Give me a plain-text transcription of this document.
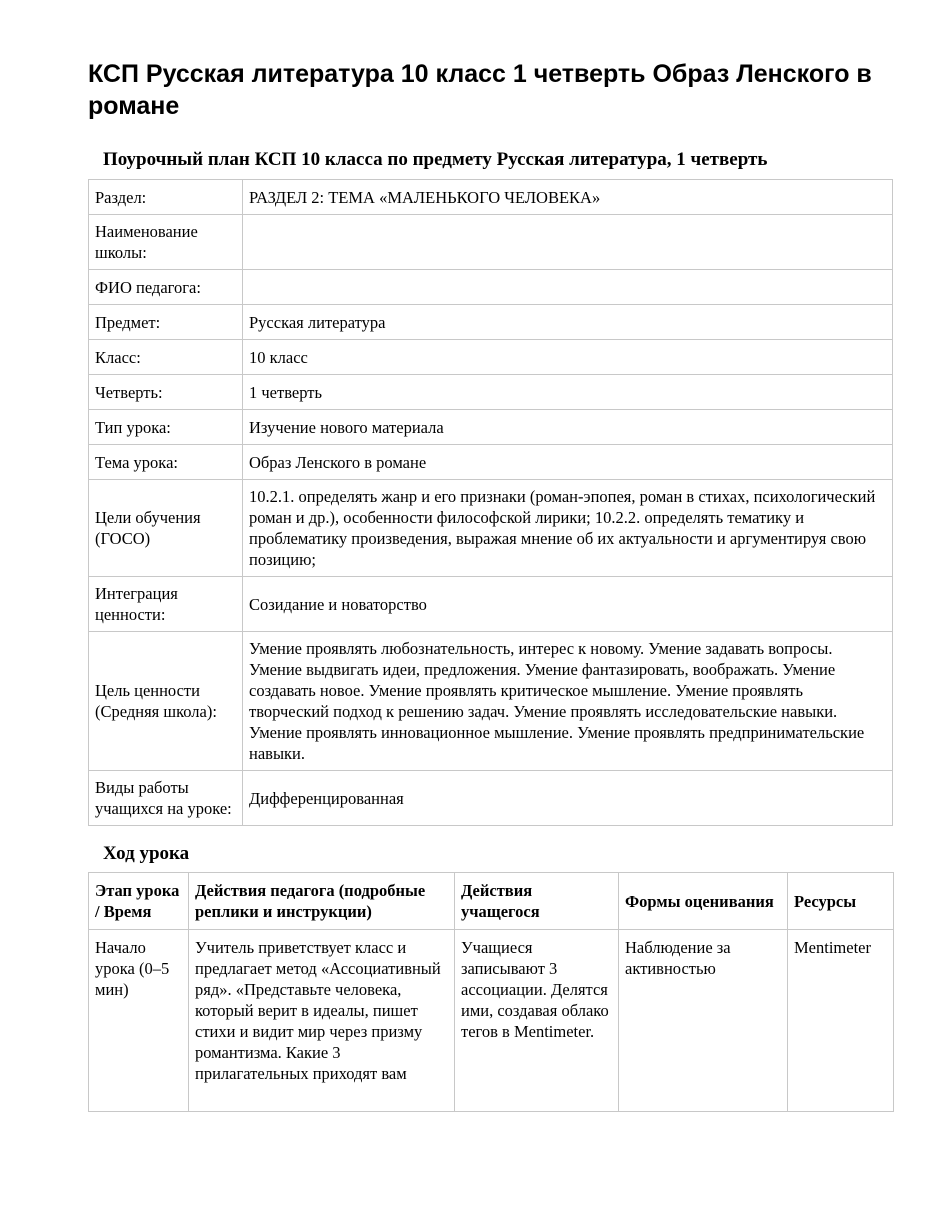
КСП Русская литература 10 класс 1 четверть Образ Ленского в романе
Поурочный план КСП 10 класса по предмету Русская литература, 1 четверть
Раздел:	РАЗДЕЛ 2: ТЕМА «МАЛЕНЬКОГО ЧЕЛОВЕКА»
Наименование школы:	
ФИО педагога:	
Предмет:	Русская литература
Класс:	10 класс
Четверть:	1 четверть
Тип урока:	Изучение нового материала
Тема урока:	Образ Ленского в романе
Цели обучения (ГОСО)	10.2.1. определять жанр и его признаки (роман-эпопея, роман в стихах, психологический роман и др.), особенности философской лирики; 10.2.2. определять тематику и проблематику произведения, выражая мнение об их актуальности и аргументируя свою позицию;
Интеграция ценности:	Созидание и новаторство
Цель ценности (Средняя школа):	Умение проявлять любознательность, интерес к новому. Умение задавать вопросы. Умение выдвигать идеи, предложения. Умение фантазировать, воображать. Умение создавать новое. Умение проявлять критическое мышление. Умение проявлять творческий подход к решению задач. Умение проявлять исследовательские навыки. Умение проявлять инновационное мышление. Умение проявлять предпринимательские навыки.
Виды работы учащихся на уроке:	Дифференцированная
Ход урока
Этап урока / Время	Действия педагога (подробные реплики и инструкции)	Действия учащегося	Формы оценивания	Ресурсы
Начало урока (0–5 мин)	Учитель приветствует класс и предлагает метод «Ассоциативный ряд». «Представьте человека, который верит в идеалы, пишет стихи и видит мир через призму романтизма. Какие 3 прилагательных приходят вам	Учащиеся записывают 3 ассоциации. Делятся ими, создавая облако тегов в Mentimeter.	Наблюдение за активностью	Mentimeter
